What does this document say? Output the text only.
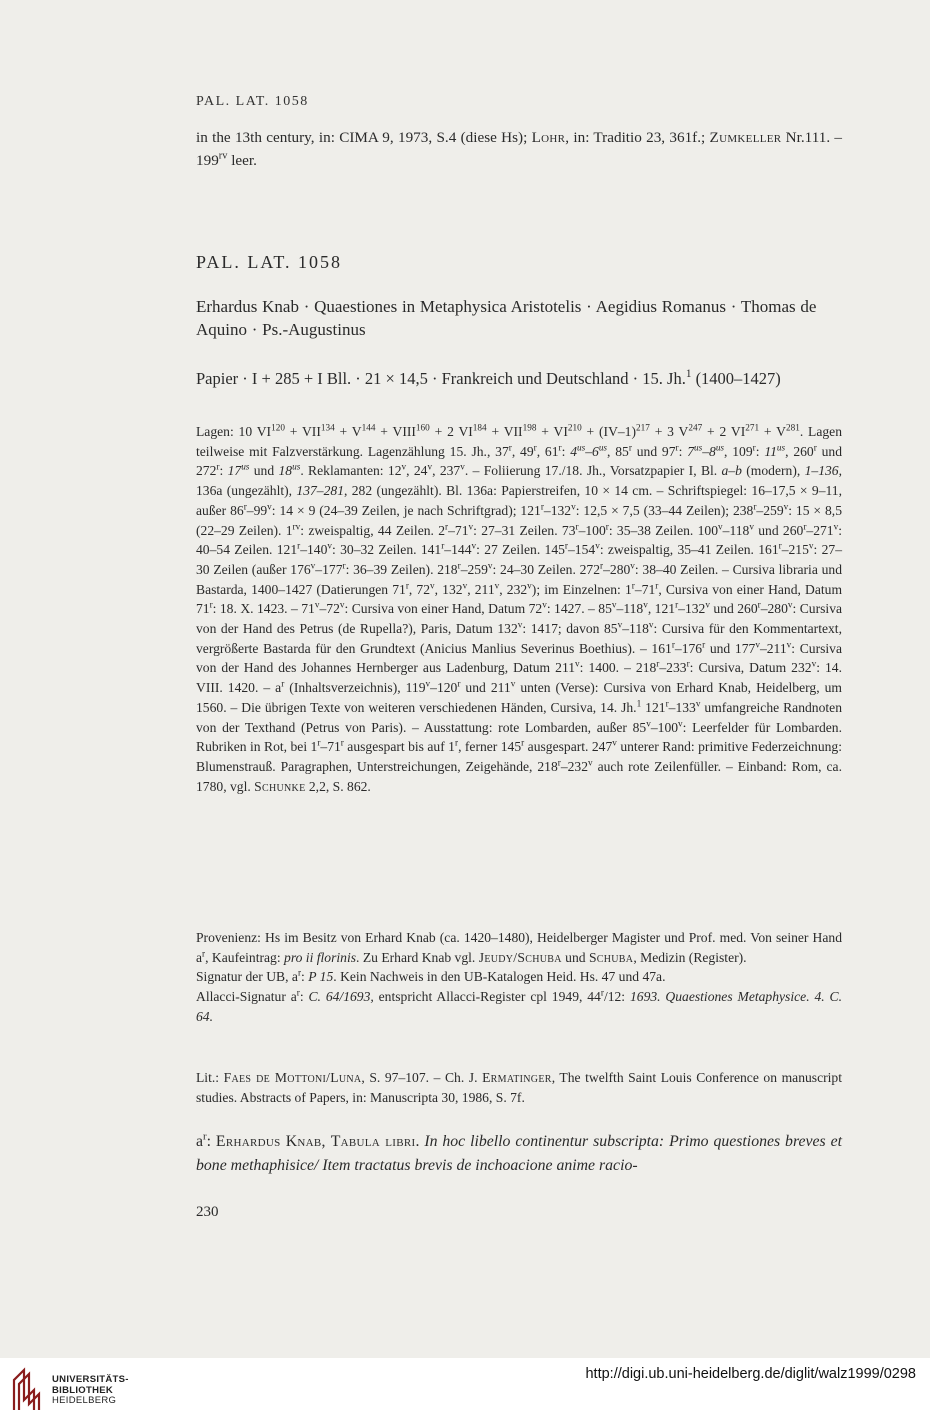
PAL. LAT. 1058

in the 13th century, in: CIMA 9, 1973, S.4 (diese Hs); Lohr, in: Traditio 23, 361f.; Zumkeller Nr.111. – $199^{rv}$ leer.

PAL. LAT. 1058

Erhardus Knab · Quaestiones in Metaphysica Aristotelis · Aegidius Romanus · Thomas de Aquino · Ps.-Augustinus

Papier · I + 285 + I Bll. · 21 × 14,5 · Frankreich und Deutschland · 15. Jh.$^1$ (1400–1427)

Lagen: 10 $VI^{120} + VII^{134} + V^{144}$ + $VIII^{160} + 2$ $VI^{184} + VII^{198} + VI^{210} + (IV-1)^{217} + 3$ $V^{247} + 2$ $VI^{271} + V^{281}$. Lagen teilweise mit Falzverstärkung. Lagenzählung 15. Jh., 37$^r$, 49$^r$, 61$^r$: $4^{us}-6^{us}$, 85$^r$ und 97$^r$: $7^{us}-8^{us}$, 109$^r$: $11^{us}$, 260$^r$ und 272$^r$: $17^{us}$ und $18^{us}$. Reklamanten: 12$^v$, 24$^v$, 237$^v$. – Foliierung 17./18. Jh., Vorsatzpapier I, Bl. a–b (modern), 1–136, 136a (ungezählt), 137–281, 282 (ungezählt). Bl. 136a: Papierstreifen, 10 × 14 cm. – Schriftspiegel: 16–17,5 × 9–11, außer 86$^r$–99$^v$: 14 × 9 (24–39 Zeilen, je nach Schriftgrad); 121$^r$–132$^v$: 12,5 × 7,5 (33–44 Zeilen); 238$^r$–259$^v$: 15 × 8,5 (22–29 Zeilen). $1^{rv}$: zweispaltig, 44 Zeilen. 2$^r$–71$^v$: 27–31 Zeilen. 73$^r$–100$^r$: 35–38 Zeilen. 100$^v$–118$^v$ und 260$^r$–271$^v$: 40–54 Zeilen. 121$^r$–140$^v$: 30–32 Zeilen. 141$^r$–144$^v$: 27 Zeilen. 145$^r$–154$^v$: zweispaltig, 35–41 Zeilen. 161$^r$–215$^v$: 27–30 Zeilen (außer 176$^v$–177$^r$: 36–39 Zeilen). 218$^r$–259$^v$: 24–30 Zeilen. 272$^r$–280$^v$: 38–40 Zeilen. – Cursiva libraria und Bastarda, 1400–1427 (Datierungen 71$^r$, 72$^v$, 132$^v$, 211$^v$, 232$^v$); im Einzelnen: 1$^r$–71$^r$, Cursiva von einer Hand, Datum 71$^r$: 18. X. 1423. – 71$^v$–72$^v$: Cursiva von einer Hand, Datum 72$^v$: 1427. – 85$^v$–118$^v$, 121$^r$–132$^v$ und 260$^r$–280$^v$: Cursiva von der Hand des Petrus (de Rupella?), Paris, Datum 132$^v$: 1417; davon 85$^v$–118$^v$: Cursiva für den Kommentartext, vergrößerte Bastarda für den Grundtext (Anicius Manlius Severinus Boethius). – 161$^r$–176$^r$ und 177$^v$–211$^v$: Cursiva von der Hand des Johannes Hernberger aus Ladenburg, Datum 211$^v$: 1400. – 218$^r$–233$^r$: Cursiva, Datum 232$^v$: 14. VIII. 1420. – $a^r$ (Inhaltsverzeichnis), 119$^v$–120$^r$ und 211$^v$ unten (Verse): Cursiva von Erhard Knab, Heidelberg, um 1560. – Die übrigen Texte von weiteren verschiedenen Händen, Cursiva, 14. Jh.$^1$ 121$^r$–133$^v$ umfangreiche Randnoten von der Texthand (Petrus von Paris). – Ausstattung: rote Lombarden, außer 85$^v$–100$^v$: Leerfelder für Lombarden. Rubriken in Rot, bei 1$^r$–71$^r$ ausgespart bis auf 1$^r$, ferner 145$^r$ ausgespart. 247$^v$ unterer Rand: primitive Federzeichnung: Blumenstrauß. Paragraphen, Unterstreichungen, Zeigehände, 218$^r$–232$^v$ auch rote Zeilenfüller. – Einband: Rom, ca. 1780, vgl. Schunke 2,2, S. 862.

Provenienz: Hs im Besitz von Erhard Knab (ca. 1420–1480), Heidelberger Magister und Prof. med. Von seiner Hand $a^r$, Kaufeintrag: pro ii florinis. Zu Erhard Knab vgl. Jeudy/Schuba und Schuba, Medizin (Register).

Signatur der UB, $a^r$: P 15. Kein Nachweis in den UB-Katalogen Heid. Hs. 47 und 47a.

Allacci-Signatur $a^r$: C. 64/1693, entspricht Allacci-Register cpl 1949, 44$^r$/12: 1693. Quaestiones Metaphysice. 4. C. 64.

Lit.: Faes de Mottoni/Luna, S. 97–107. – Ch. J. Ermatinger, The twelfth Saint Louis Conference on manuscript studies. Abstracts of Papers, in: Manuscripta 30, 1986, S. 7f.

$a^r$: Erhardus Knab, Tabula libri. In hoc libello continentur subscripta: Primo questiones breves et bone methaphisice/ Item tractatus brevis de inchoacione anime racio-

230
UNIVERSITÄTS-
BIBLIOTHEK
HEIDELBERG
http://digi.ub.uni-heidelberg.de/diglit/walz1999/0298
